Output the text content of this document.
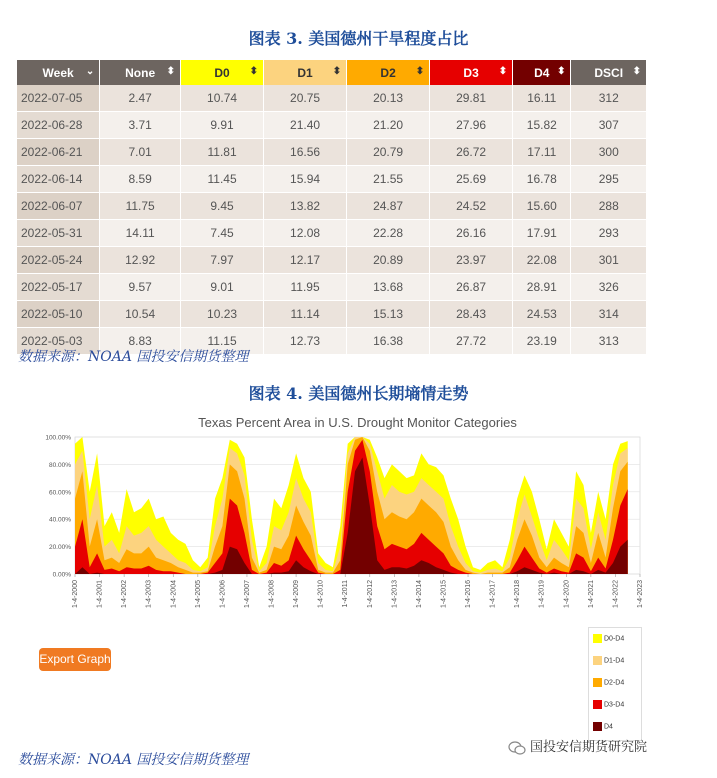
图表 3. 美国德州干旱程度占比
Week ⌄	None ⬍	D0 ⬍	D1 ⬍	D2 ⬍	D3 ⬍	D4 ⬍	DSCI ⬍

2022-07-05	2.47	10.74	20.75	20.13	29.81	16.11	312
2022-06-28	3.71	9.91	21.40	21.20	27.96	15.82	307
2022-06-21	7.01	11.81	16.56	20.79	26.72	17.11	300
2022-06-14	8.59	11.45	15.94	21.55	25.69	16.78	295
2022-06-07	11.75	9.45	13.82	24.87	24.52	15.60	288
2022-05-31	14.11	7.45	12.08	22.28	26.16	17.91	293
2022-05-24	12.92	7.97	12.17	20.89	23.97	22.08	301
2022-05-17	9.57	9.01	11.95	13.68	26.87	28.91	326
2022-05-10	10.54	10.23	11.14	15.13	28.43	24.53	314
2022-05-03	8.83	11.15	12.73	16.38	27.72	23.19	313
数据来源：NOAA 国投安信期货整理
图表 4. 美国德州长期墒情走势
Texas Percent Area in U.S. Drought Monitor Categories
0.00%
20.00%
40.00%
60.00%
80.00%
100.00%
1-4-2000	1-4-2001	1-4-2002	1-4-2003	1-4-2004	1-4-2005	1-4-2006	1-4-2007	1-4-2008	1-4-2009	1-4-2010	1-4-2011	1-4-2012	1-4-2013	1-4-2014	1-4-2015	1-4-2016	1-4-2017	1-4-2018	1-4-2019	1-4-2020	1-4-2021	1-4-2022	1-4-2023
Export Graph
D0-D4
D1-D4
D2-D4
D3-D4
D4
数据来源：NOAA 国投安信期货整理
国投安信期货研究院
